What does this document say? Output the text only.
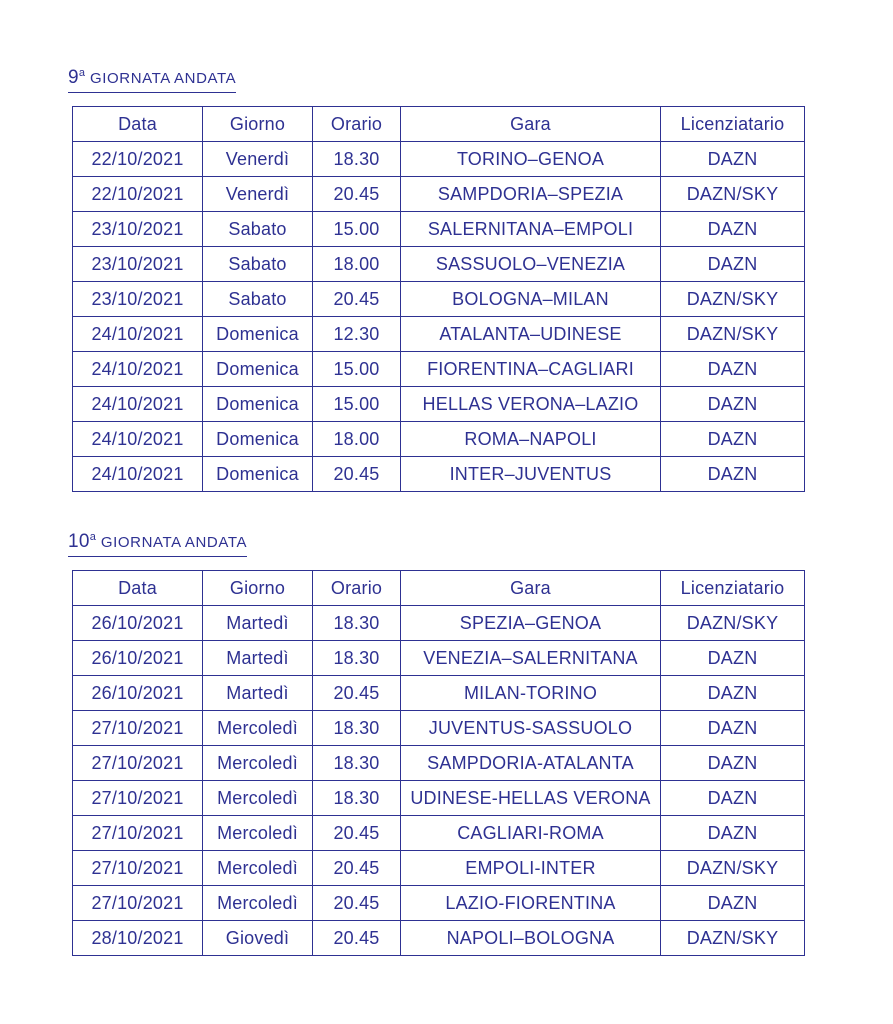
9$^a$ GIORNATA ANDATA
Data	Giorno	Orario	Gara	Licenziatario
22/10/2021	Venerdì	18.30	TORINO–GENOA	DAZN
22/10/2021	Venerdì	20.45	SAMPDORIA–SPEZIA	DAZN/SKY
23/10/2021	Sabato	15.00	SALERNITANA–EMPOLI	DAZN
23/10/2021	Sabato	18.00	SASSUOLO–VENEZIA	DAZN
23/10/2021	Sabato	20.45	BOLOGNA–MILAN	DAZN/SKY
24/10/2021	Domenica	12.30	ATALANTA–UDINESE	DAZN/SKY
24/10/2021	Domenica	15.00	FIORENTINA–CAGLIARI	DAZN
24/10/2021	Domenica	15.00	HELLAS VERONA–LAZIO	DAZN
24/10/2021	Domenica	18.00	ROMA–NAPOLI	DAZN
24/10/2021	Domenica	20.45	INTER–JUVENTUS	DAZN
10$^a$ GIORNATA ANDATA
Data	Giorno	Orario	Gara	Licenziatario
26/10/2021	Martedì	18.30	SPEZIA–GENOA	DAZN/SKY
26/10/2021	Martedì	18.30	VENEZIA–SALERNITANA	DAZN
26/10/2021	Martedì	20.45	MILAN-TORINO	DAZN
27/10/2021	Mercoledì	18.30	JUVENTUS-SASSUOLO	DAZN
27/10/2021	Mercoledì	18.30	SAMPDORIA-ATALANTA	DAZN
27/10/2021	Mercoledì	18.30	UDINESE-HELLAS VERONA	DAZN
27/10/2021	Mercoledì	20.45	CAGLIARI-ROMA	DAZN
27/10/2021	Mercoledì	20.45	EMPOLI-INTER	DAZN/SKY
27/10/2021	Mercoledì	20.45	LAZIO-FIORENTINA	DAZN
28/10/2021	Giovedì	20.45	NAPOLI–BOLOGNA	DAZN/SKY
